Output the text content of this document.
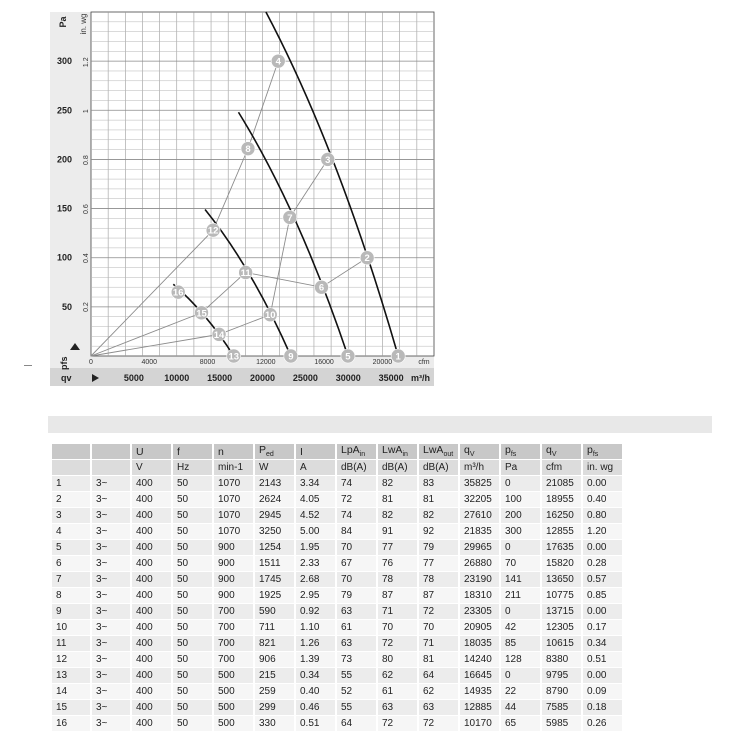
Pa in. wg
50
100
150
200
250
300
0.2
0.4
0.6
0.8
1
1.2
pfs	0	4000	8000	12000	16000	20000	cfm
5000 10000 15000 20000 25000 30000 35000 m³/h
qv
1
2
3
4
5
6
7
8
9
10
11
12
13
14
15
16
		U	f	n	$P_{ed}$	I	LpA$_{in}$	LwA$_{in}$	LwA$_{out}$	$q_V$	$p_{fs}$	$q_V$	$p_{fs}$
		V	Hz	min-1	W	A	dB(A)	dB(A)	dB(A)	m³/h	Pa	cfm	in. wg
1	3~	400	50	1070	2143	3.34	74	82	83	35825	0	21085	0.00
2	3~	400	50	1070	2624	4.05	72	81	81	32205	100	18955	0.40
3	3~	400	50	1070	2945	4.52	74	82	82	27610	200	16250	0.80
4	3~	400	50	1070	3250	5.00	84	91	92	21835	300	12855	1.20
5	3~	400	50	900	1254	1.95	70	77	79	29965	0	17635	0.00
6	3~	400	50	900	1511	2.33	67	76	77	26880	70	15820	0.28
7	3~	400	50	900	1745	2.68	70	78	78	23190	141	13650	0.57
8	3~	400	50	900	1925	2.95	79	87	87	18310	211	10775	0.85
9	3~	400	50	700	590	0.92	63	71	72	23305	0	13715	0.00
10	3~	400	50	700	711	1.10	61	70	70	20905	42	12305	0.17
11	3~	400	50	700	821	1.26	63	72	71	18035	85	10615	0.34
12	3~	400	50	700	906	1.39	73	80	81	14240	128	8380	0.51
13	3~	400	50	500	215	0.34	55	62	64	16645	0	9795	0.00
14	3~	400	50	500	259	0.40	52	61	62	14935	22	8790	0.09
15	3~	400	50	500	299	0.46	55	63	63	12885	44	7585	0.18
16	3~	400	50	500	330	0.51	64	72	72	10170	65	5985	0.26
